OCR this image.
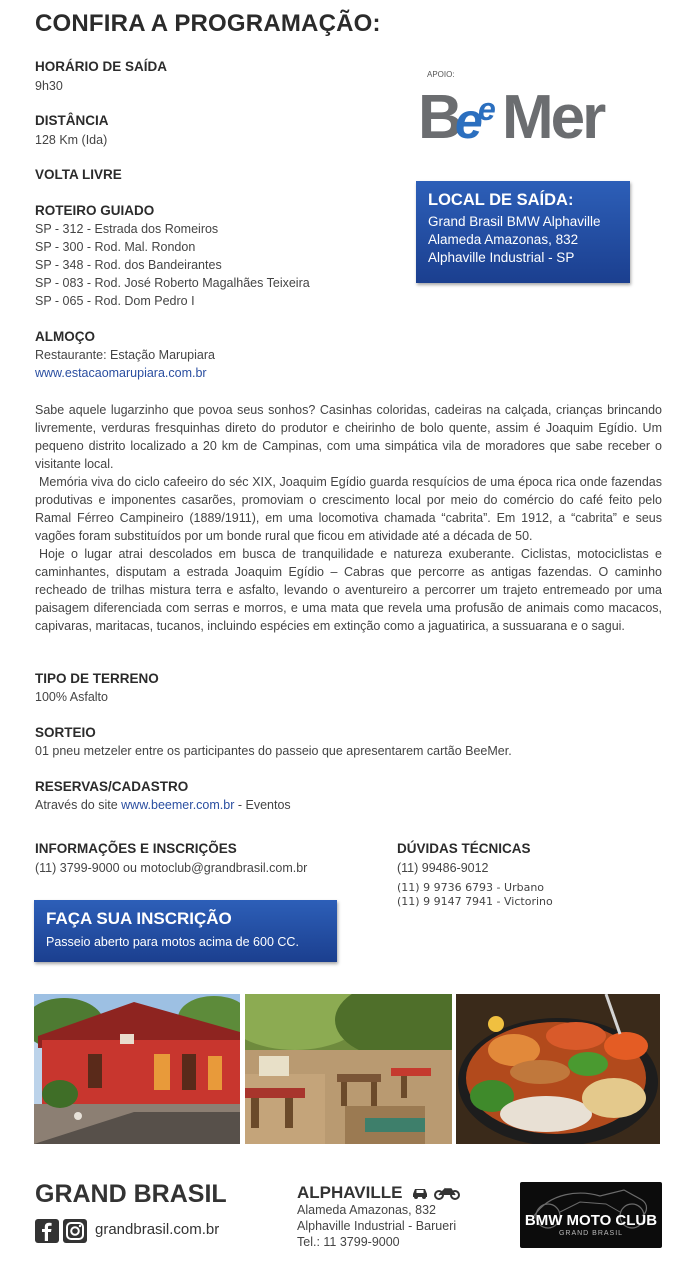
CONFIRA A PROGRAMAÇÃO:
HORÁRIO DE SAÍDA
9h30
DISTÂNCIA
128 Km (Ida)
VOLTA LIVRE
ROTEIRO GUIADO
SP - 312 - Estrada dos Romeiros
SP - 300 - Rod. Mal. Rondon
SP - 348 - Rod. dos Bandeirantes
SP - 083 - Rod. José Roberto Magalhães Teixeira
SP - 065 - Rod. Dom Pedro I
ALMOÇO
Restaurante: Estação Marupiara
www.estacaomarupiara.com.br
APOIO:
B
e
e Mer
LOCAL DE SAÍDA:
Grand Brasil BMW Alphaville
Alameda Amazonas, 832
Alphaville Industrial - SP

Sabe aquele lugarzinho que povoa seus sonhos? Casinhas coloridas, cadeiras na calçada, crianças brincando livremente, verduras fresquinhas direto do produtor e cheirinho de bolo quente, assim é Joaquim Egídio. Um pequeno distrito localizado a 20 km de Campinas, com uma simpática vila de moradores que sabe receber o visitante local.

Memória viva do ciclo cafeeiro do séc XIX, Joaquim Egídio guarda resquícios de uma época rica onde fazendas produtivas e imponentes casarões, promoviam o crescimento local por meio do comércio do café feito pelo Ramal Férreo Campineiro (1889/1911), em uma locomotiva chamada “cabrita”. Em 1912, a “cabrita” e seus vagões foram substituídos por um bonde rural que ficou em atividade até a década de 50.

Hoje o lugar atrai descolados em busca de tranquilidade e natureza exuberante. Ciclistas, motociclistas e caminhantes, disputam a estrada Joaquim Egídio – Cabras que percorre as antigas fazendas. O caminho recheado de trilhas mistura terra e asfalto, levando o aventureiro a percorrer um trajeto entremeado por uma paisagem diferenciada com serras e morros, e uma mata que revela uma profusão de animais como macacos, capivaras, maritacas, tucanos, incluindo espécies em extinção como a jaguatirica, a sussuarana e o sagui.

TIPO DE TERRENO
100% Asfalto
SORTEIO
01 pneu metzeler entre os participantes do passeio que apresentarem cartão BeeMer.
RESERVAS/CADASTRO
Através do site www.beemer.com.br - Eventos
INFORMAÇÕES E INSCRIÇÕES
(11) 3799-9000 ou motoclub@grandbrasil.com.br
DÚVIDAS TÉCNICAS
(11) 99486-9012
(11) 9 9736 6793 - Urbano
(11) 9 9147 7941 - Victorino
FAÇA SUA INSCRIÇÃO
Passeio aberto para motos acima de 600 CC.
GRAND BRASIL
grandbrasil.com.br
ALPHAVILLE
Alameda Amazonas, 832
Alphaville Industrial - Barueri
Tel.: 11 3799-9000
BMW MOTO CLUB
GRAND BRASIL
